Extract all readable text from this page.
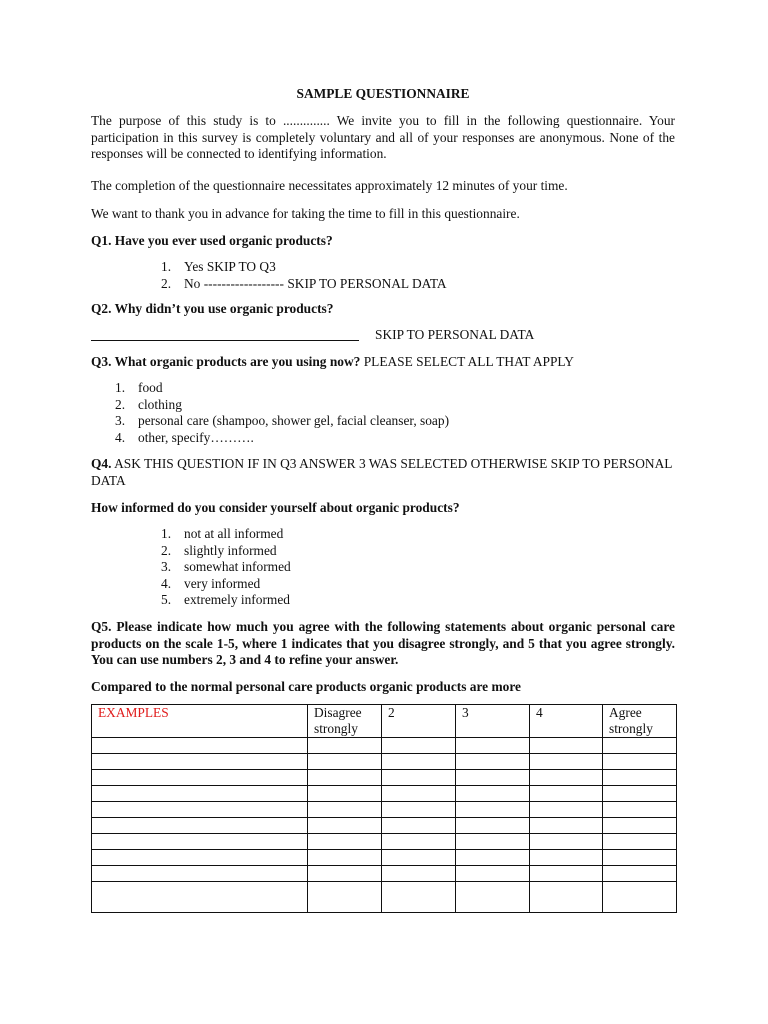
SAMPLE QUESTIONNAIRE

The purpose of this study is to .............. We invite you to fill in the following questionnaire. Your participation in this survey is completely voluntary and all of your responses are anonymous. None of the responses will be connected to identifying information.

The completion of the questionnaire necessitates approximately 12 minutes of your time.

We want to thank you in advance for taking the time to fill in this questionnaire.

Q1. Have you ever used organic products?

1. Yes SKIP TO Q3
2. No ------------------ SKIP TO PERSONAL DATA

Q2. Why didn’t you use organic products?

SKIP TO PERSONAL DATA

Q3. What organic products are you using now? PLEASE SELECT ALL THAT APPLY

1. food
2. clothing
3. personal care (shampoo, shower gel, facial cleanser, soap)
4. other, specify……….

Q4. ASK THIS QUESTION IF IN Q3 ANSWER 3 WAS SELECTED OTHERWISE SKIP TO PERSONAL DATA

How informed do you consider yourself about organic products?

1. not at all informed
2. slightly informed
3. somewhat informed
4. very informed
5. extremely informed

Q5. Please indicate how much you agree with the following statements about organic personal care products on the scale 1-5, where 1 indicates that you disagree strongly, and 5 that you agree strongly. You can use numbers 2, 3 and 4 to refine your answer.

Compared to the normal personal care products organic products are more

EXAMPLES	Disagree strongly	2	3	4	Agree strongly
